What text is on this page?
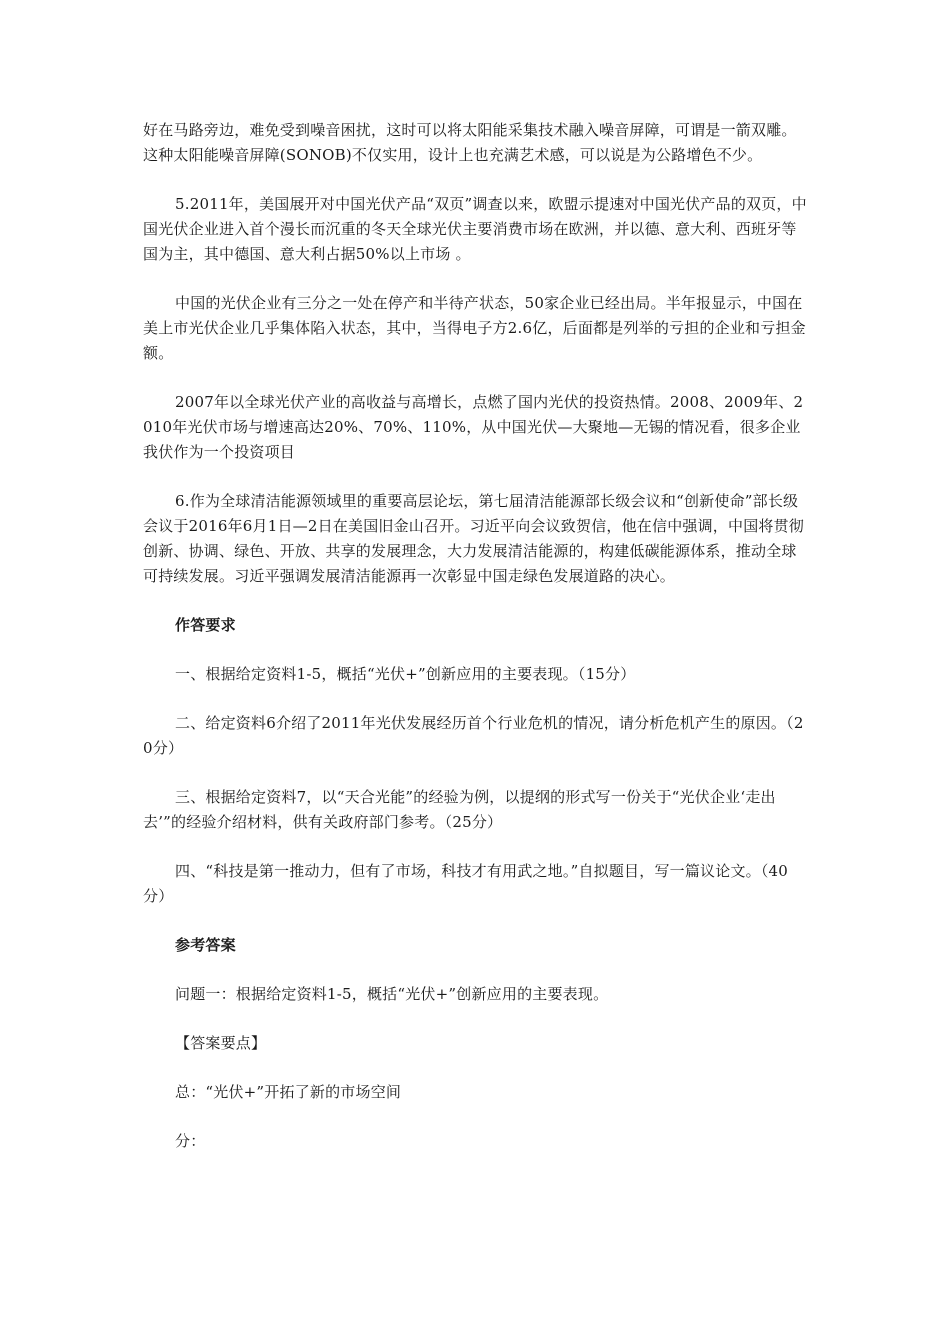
好在马路旁边，难免受到噪音困扰，这时可以将太阳能采集技术融入噪音屏障，可谓是一箭双雕。这种太阳能噪音屏障(SONOB)不仅实用，设计上也充满艺术感，可以说是为公路增色不少。

5.2011年，美国展开对中国光伏产品“双页”调查以来，欧盟示提速对中国光伏产品的双页，中国光伏企业进入首个漫长而沉重的冬天全球光伏主要消费市场在欧洲，并以德、意大利、西班牙等国为主，其中德国、意大利占据50%以上市场 。

中国的光伏企业有三分之一处在停产和半待产状态，50家企业已经出局。半年报显示，中国在美上市光伏企业几乎集体陷入状态，其中，当得电子方2.6亿，后面都是列举的亏担的企业和亏担金额。

2007年以全球光伏产业的高收益与高增长，点燃了国内光伏的投资热情。2008、2009年、2010年光伏市场与增速高达20%、70%、110%，从中国光伏—大聚地—无锡的情况看，很多企业我伏作为一个投资项目

6.作为全球清洁能源领域里的重要高层论坛，第七届清洁能源部长级会议和“创新使命”部长级会议于2016年6月1日—2日在美国旧金山召开。习近平向会议致贺信，他在信中强调，中国将贯彻创新、协调、绿色、开放、共享的发展理念，大力发展清洁能源的，构建低碳能源体系，推动全球可持续发展。习近平强调发展清洁能源再一次彰显中国走绿色发展道路的决心。

作答要求

一、根据给定资料1-5，概括“光伏+”创新应用的主要表现。（15分）

二、给定资料6介绍了2011年光伏发展经历首个行业危机的情况，请分析危机产生的原因。（20分）

三、根据给定资料7，以“天合光能”的经验为例，以提纲的形式写一份关于“光伏企业‘走出去’”的经验介绍材料，供有关政府部门参考。（25分）

四、“科技是第一推动力，但有了市场，科技才有用武之地。”自拟题目，写一篇议论文。（40分）

参考答案

问题一：根据给定资料1-5，概括“光伏+”创新应用的主要表现。

【答案要点】

总：“光伏+”开拓了新的市场空间

分：
